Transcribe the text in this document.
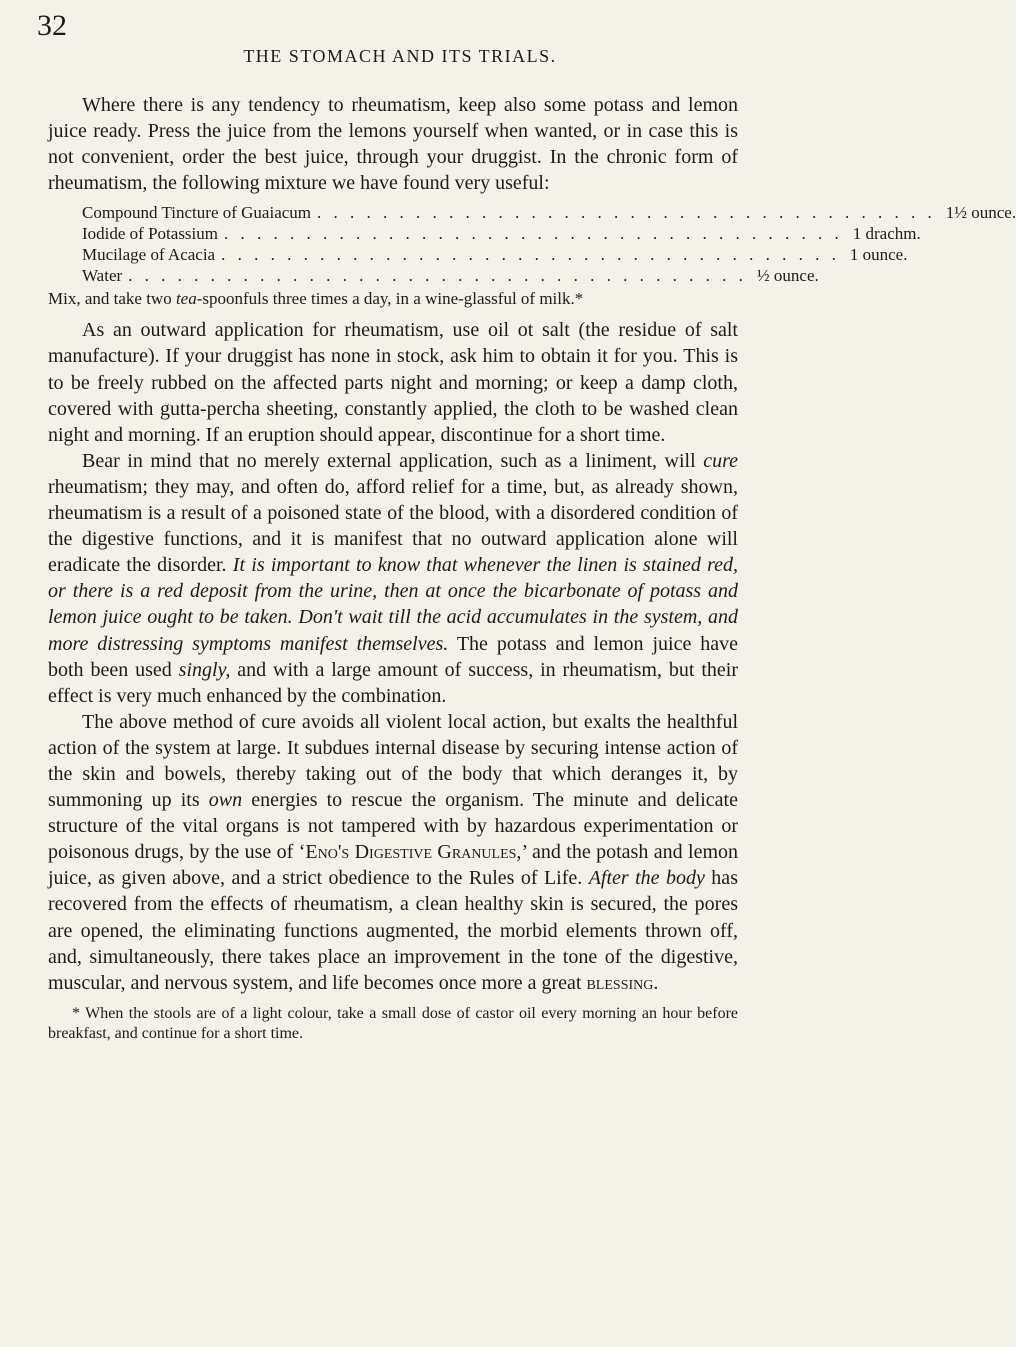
32
THE STOMACH AND ITS TRIALS.

Where there is any tendency to rheumatism, keep also some potass and lemon juice ready. Press the juice from the lemons yourself when wanted, or in case this is not convenient, order the best juice, through your druggist. In the chronic form of rheumatism, the following mixture we have found very useful:

Compound Tincture of Guaiacum . . . . . . . . . . . . . . . . . . . . . . . . . . . . . . . . . . . . . . 1½ ounce.
Iodide of Potassium . . . . . . . . . . . . . . . . . . . . . . . . . . . . . . . . . . . . . . 1 drachm.
Mucilage of Acacia . . . . . . . . . . . . . . . . . . . . . . . . . . . . . . . . . . . . . . 1 ounce.
Water . . . . . . . . . . . . . . . . . . . . . . . . . . . . . . . . . . . . . . ½ ounce.

Mix, and take two tea-spoonfuls three times a day, in a wine-glassful of milk.*

As an outward application for rheumatism, use oil ot salt (the residue of salt manufacture). If your druggist has none in stock, ask him to obtain it for you. This is to be freely rubbed on the affected parts night and morning; or keep a damp cloth, covered with gutta-percha sheeting, constantly applied, the cloth to be washed clean night and morning. If an eruption should appear, discontinue for a short time.

Bear in mind that no merely external application, such as a liniment, will cure rheumatism; they may, and often do, afford relief for a time, but, as already shown, rheumatism is a result of a poisoned state of the blood, with a disordered condition of the digestive functions, and it is manifest that no outward application alone will eradicate the disorder. It is important to know that whenever the linen is stained red, or there is a red deposit from the urine, then at once the bicarbonate of potass and lemon juice ought to be taken. Don't wait till the acid accumulates in the system, and more distressing symptoms manifest themselves. The potass and lemon juice have both been used singly, and with a large amount of success, in rheumatism, but their effect is very much enhanced by the combination.

The above method of cure avoids all violent local action, but exalts the healthful action of the system at large. It subdues internal disease by securing intense action of the skin and bowels, thereby taking out of the body that which deranges it, by summoning up its own energies to rescue the organism. The minute and delicate structure of the vital organs is not tampered with by hazardous experimentation or poisonous drugs, by the use of ‘Eno's Digestive Granules,’ and the potash and lemon juice, as given above, and a strict obedience to the Rules of Life. After the body has recovered from the effects of rheumatism, a clean healthy skin is secured, the pores are opened, the eliminating functions augmented, the morbid elements thrown off, and, simultaneously, there takes place an improvement in the tone of the digestive, muscular, and nervous system, and life becomes once more a great blessing.

* When the stools are of a light colour, take a small dose of castor oil every morning an hour before breakfast, and continue for a short time.
